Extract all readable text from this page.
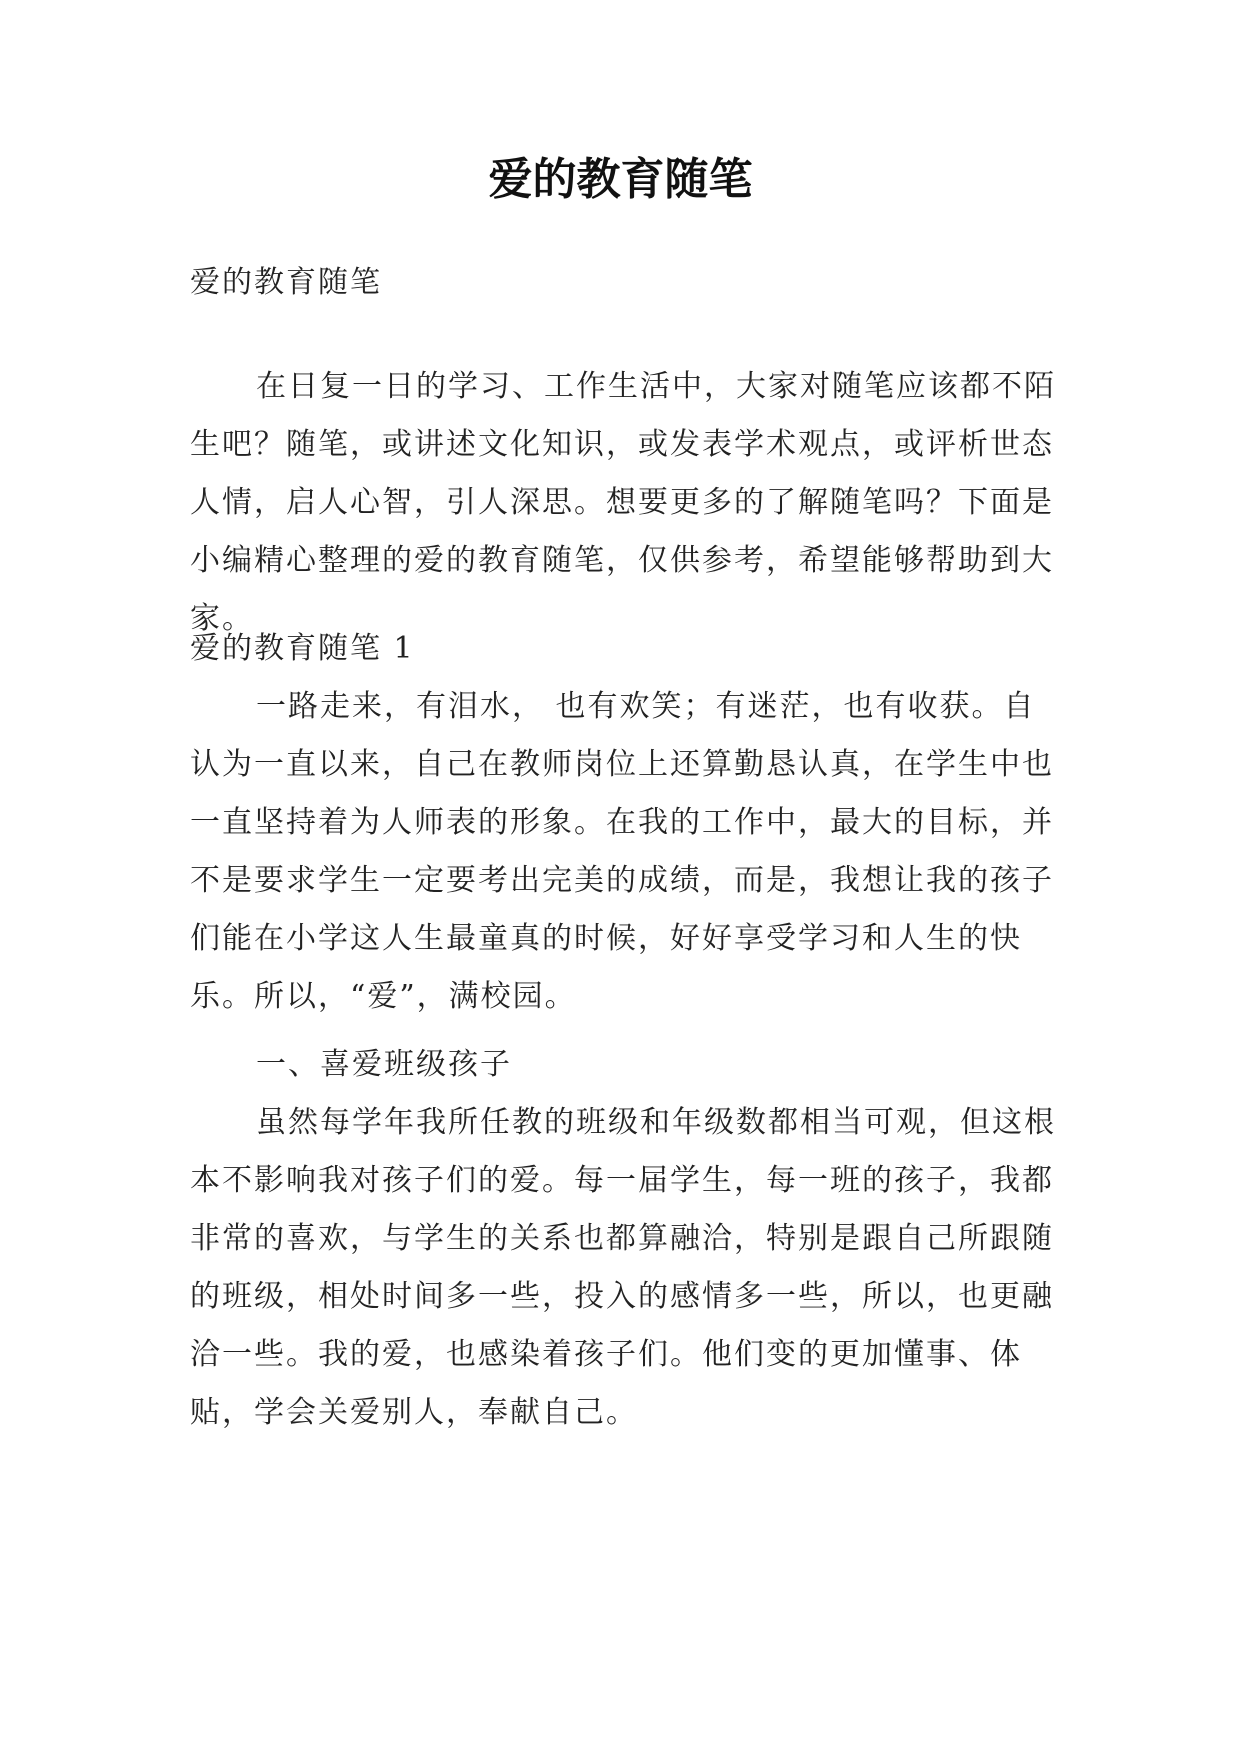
爱的教育随笔

爱的教育随笔

在日复一日的学习、工作生活中，大家对随笔应该都不陌生吧？随笔，或讲述文化知识，或发表学术观点，或评析世态人情，启人心智，引人深思。想要更多的了解随笔吗？下面是小编精心整理的爱的教育随笔，仅供参考，希望能够帮助到大家。

爱的教育随笔 1

一路走来，有泪水， 也有欢笑；有迷茫，也有收获。自认为一直以来，自己在教师岗位上还算勤恳认真，在学生中也一直坚持着为人师表的形象。在我的工作中，最大的目标，并不是要求学生一定要考出完美的成绩，而是，我想让我的孩子们能在小学这人生最童真的时候，好好享受学习和人生的快乐。所以，“爱”，满校园。

一、喜爱班级孩子

虽然每学年我所任教的班级和年级数都相当可观，但这根本不影响我对孩子们的爱。每一届学生，每一班的孩子，我都非常的喜欢，与学生的关系也都算融洽，特别是跟自己所跟随的班级，相处时间多一些，投入的感情多一些，所以，也更融洽一些。我的爱，也感染着孩子们。他们变的更加懂事、体贴，学会关爱别人，奉献自己。
